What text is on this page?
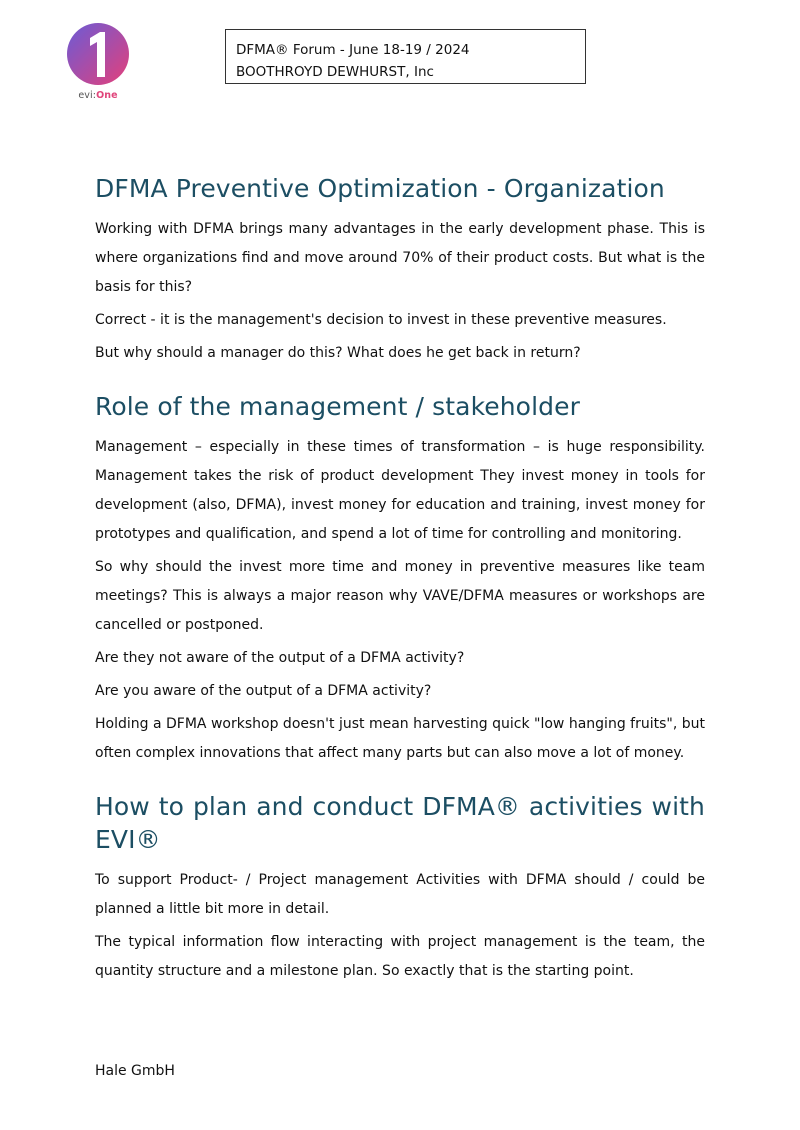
evi:One
DFMA® Forum - June 18-19 / 2024
BOOTHROYD DEWHURST, Inc
DFMA Preventive Optimization - Organization

Working with DFMA brings many advantages in the early development phase. This is where organizations find and move around 70% of their product costs. But what is the basis for this?

Correct - it is the management's decision to invest in these preventive measures.

But why should a manager do this? What does he get back in return?

Role of the management / stakeholder

Management – especially in these times of transformation – is huge responsibility. Management takes the risk of product development They invest money in tools for development (also, DFMA), invest money for education and training, invest money for prototypes and qualification, and spend a lot of time for controlling and monitoring.

So why should the invest more time and money in preventive measures like team meetings? This is always a major reason why VAVE/DFMA measures or workshops are cancelled or postponed.

Are they not aware of the output of a DFMA activity?

Are you aware of the output of a DFMA activity?

Holding a DFMA workshop doesn't just mean harvesting quick "low hanging fruits", but often complex innovations that affect many parts but can also move a lot of money.

How to plan and conduct DFMA® activities with EVI®

To support Product- / Project management Activities with DFMA should / could be planned a little bit more in detail.

The typical information flow interacting with project management is the team, the quantity structure and a milestone plan. So exactly that is the starting point.

Hale GmbH
